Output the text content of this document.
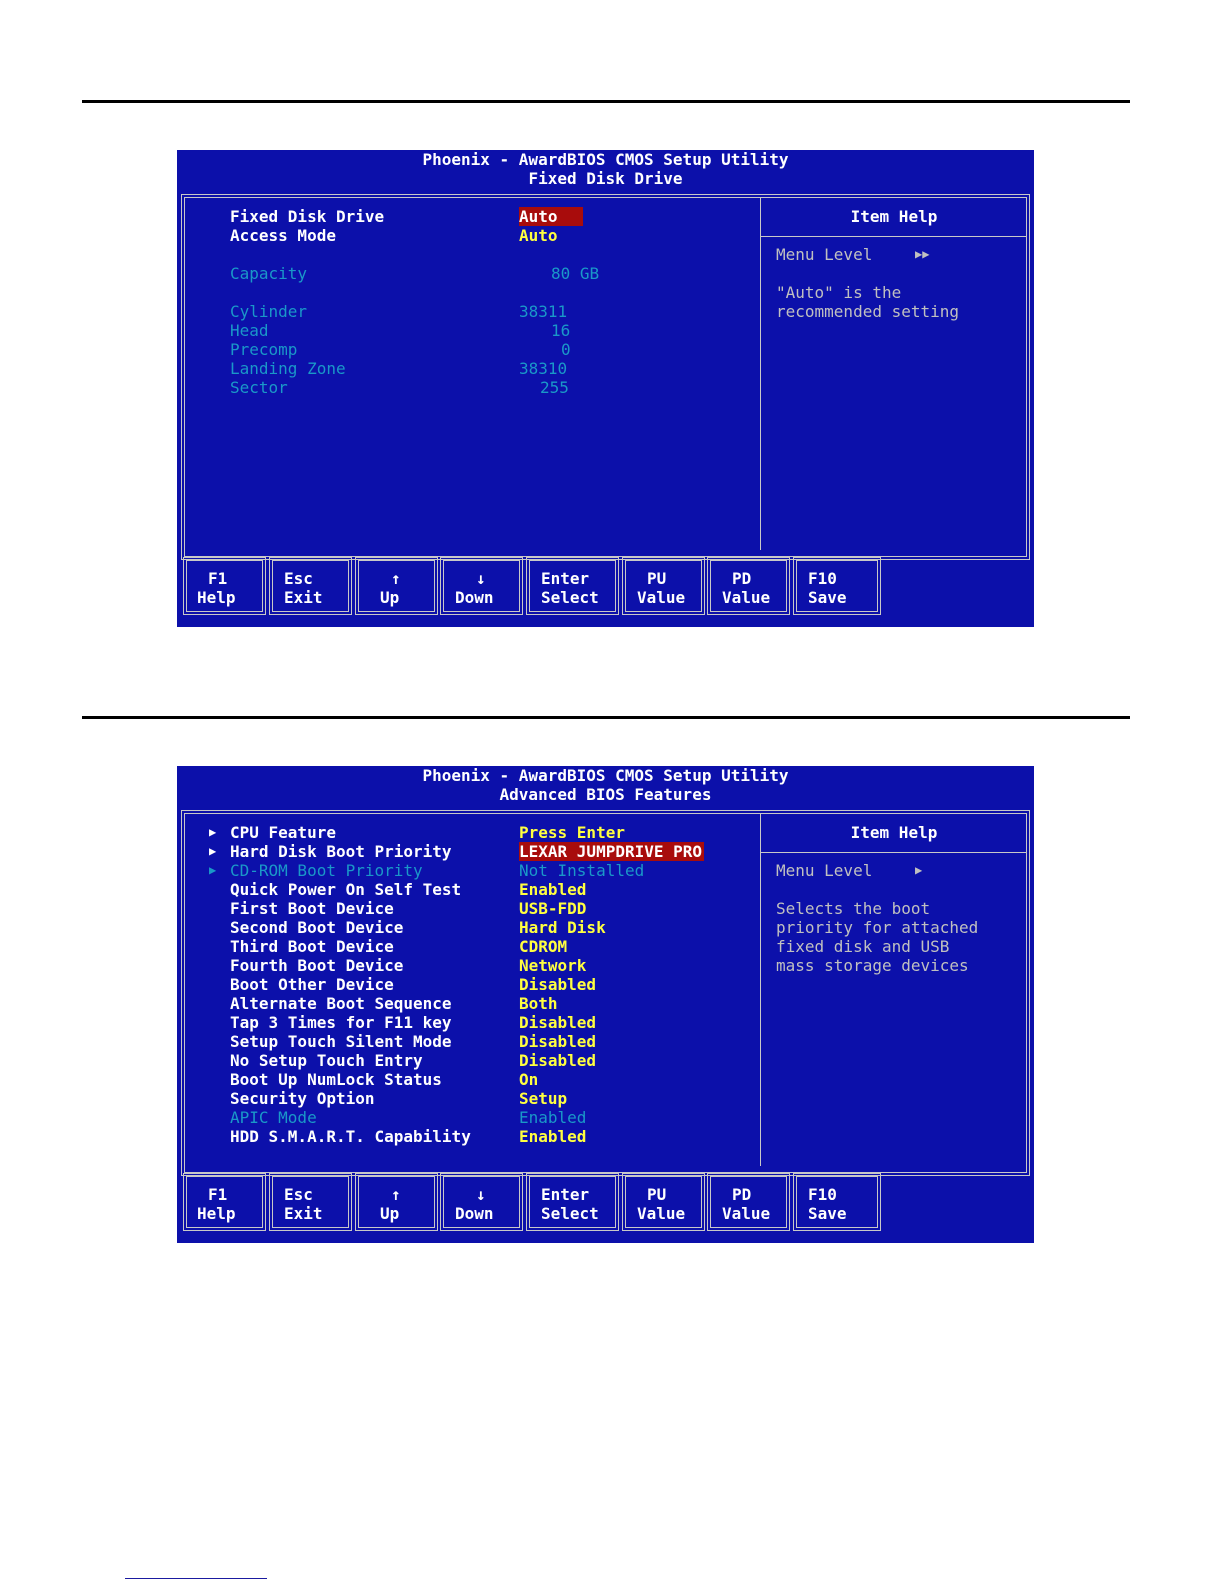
Phoenix - AwardBIOS CMOS Setup Utility
Fixed Disk Drive
Fixed Disk Drive	Auto
Access Mode	Auto
Capacity	80 GB
Cylinder	38311
Head	16
Precomp	0
Landing Zone	38310
Sector	255
Item Help
Menu Level	▶▶
"Auto" is the
recommended setting
F1
Help
Esc
Exit
↑
Up
↓
Down
Enter
Select
PU
Value
PD
Value
F10
Save
Phoenix - AwardBIOS CMOS Setup Utility
Advanced BIOS Features
▶ CPU Feature	Press Enter
▶ Hard Disk Boot Priority	LEXAR JUMPDRIVE PRO
▶ CD-ROM Boot Priority	Not Installed
Quick Power On Self Test	Enabled
First Boot Device	USB-FDD
Second Boot Device	Hard Disk
Third Boot Device	CDROM
Fourth Boot Device	Network
Boot Other Device	Disabled
Alternate Boot Sequence	Both
Tap 3 Times for F11 key	Disabled
Setup Touch Silent Mode	Disabled
No Setup Touch Entry	Disabled
Boot Up NumLock Status	On
Security Option	Setup
APIC Mode	Enabled
HDD S.M.A.R.T. Capability	Enabled
Item Help
Menu Level	▶
Selects the boot
priority for attached
fixed disk and USB
mass storage devices
F1
Help
Esc
Exit
↑
Up
↓
Down
Enter
Select
PU
Value
PD
Value
F10
Save
